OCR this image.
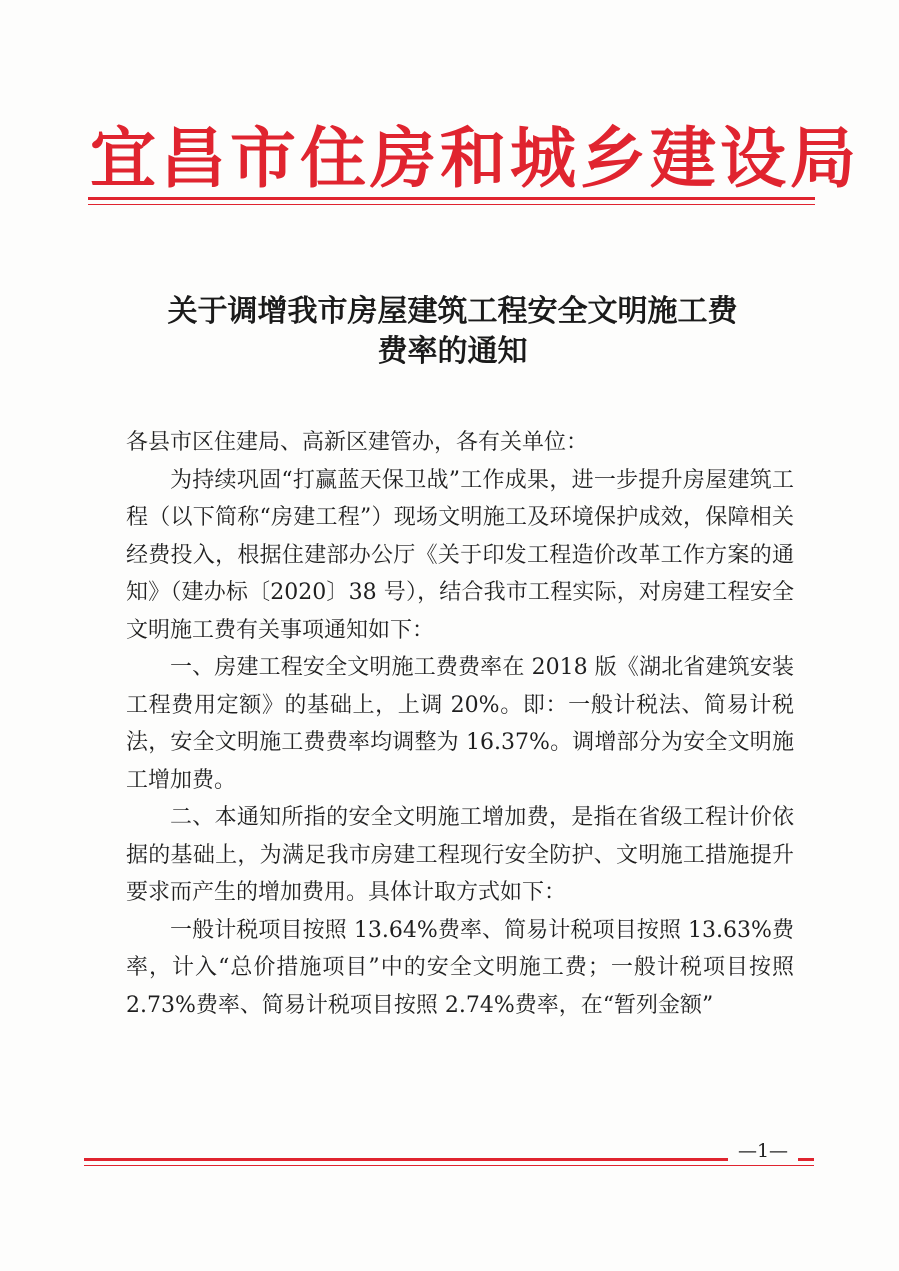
宜昌市住房和城乡建设局
关于调增我市房屋建筑工程安全文明施工费
费率的通知

各县市区住建局、高新区建管办，各有关单位：

为持续巩固“打赢蓝天保卫战”工作成果，进一步提升房屋建筑工程（以下简称“房建工程”）现场文明施工及环境保护成效，保障相关经费投入，根据住建部办公厅《关于印发工程造价改革工作方案的通知》（建办标〔2020〕38 号），结合我市工程实际，对房建工程安全文明施工费有关事项通知如下：

一、房建工程安全文明施工费费率在 2018 版《湖北省建筑安装工程费用定额》的基础上，上调 20%。即：一般计税法、简易计税法，安全文明施工费费率均调整为 16.37%。调增部分为安全文明施工增加费。

二、本通知所指的安全文明施工增加费，是指在省级工程计价依据的基础上，为满足我市房建工程现行安全防护、文明施工措施提升要求而产生的增加费用。具体计取方式如下：

一般计税项目按照 13.64%费率、简易计税项目按照 13.63%费率，计入“总价措施项目”中的安全文明施工费；一般计税项目按照 2.73%费率、简易计税项目按照 2.74%费率，在“暂列金额”

—1—
